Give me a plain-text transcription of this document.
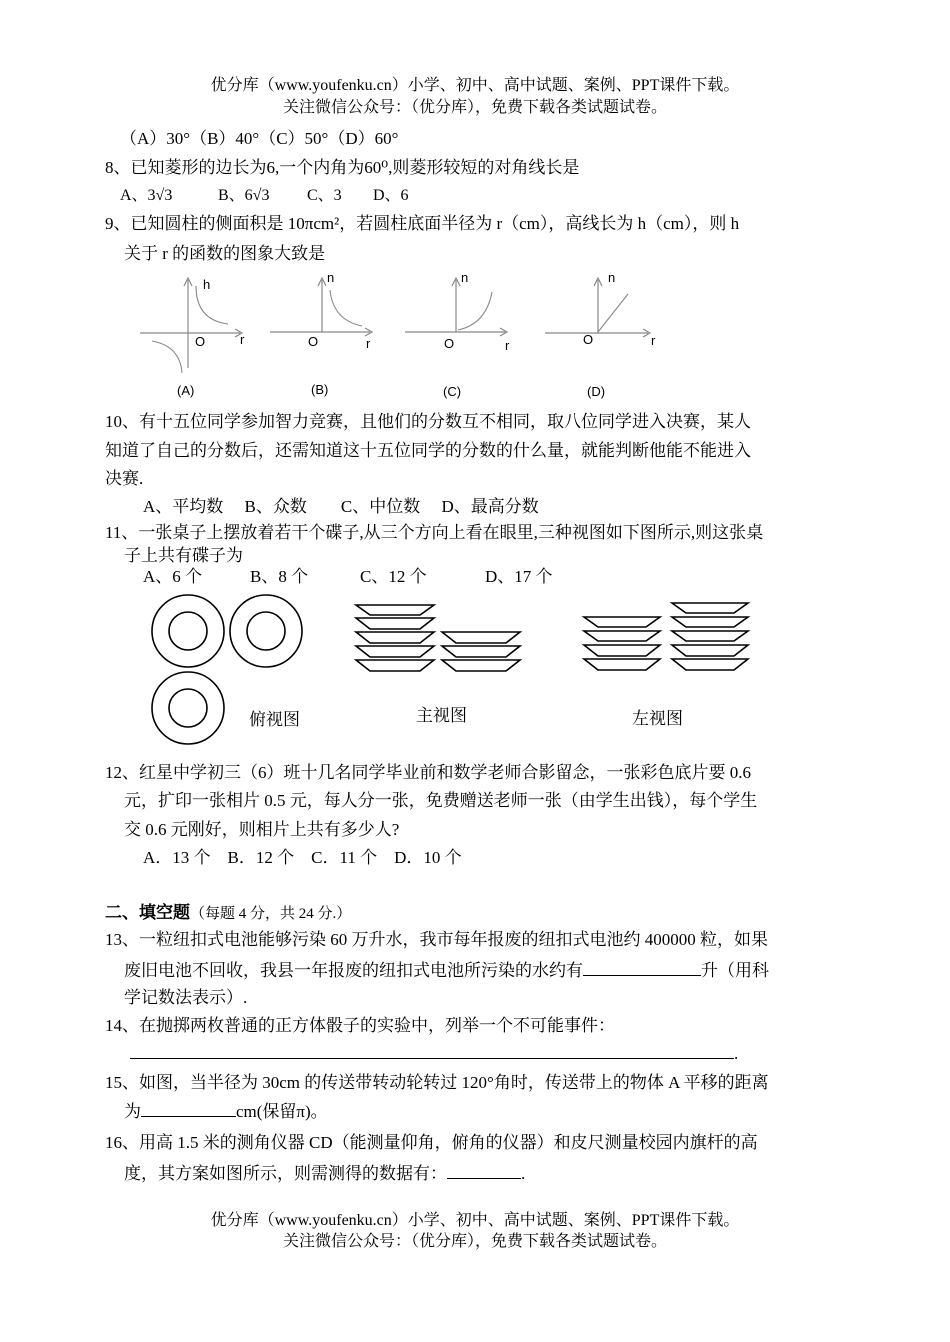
优分库（www.youfenku.cn）小学、初中、高中试题、案例、PPT课件下载。
关注微信公众号：（优分库），免费下载各类试题试卷。
（A）30°（B）40°（C）50°（D）60°
8、已知菱形的边长为6,一个内角为60⁰,则菱形较短的对角线长是
A、3√3	B、6√3 C、3 D、6
9、已知圆柱的侧面积是 10πcm²，若圆柱底面半径为 r（cm），高线长为 h（cm），则 h
关于 r 的函数的图象大致是
h
O	r
(A)
n
O	r
(B)
n
O	r
(C)
n
O	r
(D)
10、有十五位同学参加智力竞赛，且他们的分数互不相同，取八位同学进入决赛，某人
知道了自己的分数后，还需知道这十五位同学的分数的什么量，就能判断他能不能进入
决赛.
A、平均数　 B、众数　　C、中位数　 D、最高分数
11、一张桌子上摆放着若干个碟子,从三个方向上看在眼里,三种视图如下图所示,则这张桌
子上共有碟子为
A、6 个	B、8 个	C、12 个	D、17 个
俯视图	主视图	左视图
12、红星中学初三（6）班十几名同学毕业前和数学老师合影留念，一张彩色底片要 0.6
元，扩印一张相片 0.5 元，每人分一张，免费赠送老师一张（由学生出钱），每个学生
交 0.6 元刚好，则相片上共有多少人?
A．13 个　B．12 个　C．11 个　D．10 个
二、填空题（每题 4 分，共 24 分.）
13、一粒纽扣式电池能够污染 60 万升水，我市每年报废的纽扣式电池约 400000 粒，如果
废旧电池不回收，我县一年报废的纽扣式电池所污染的水约有	升（用科
学记数法表示）.
14、在抛掷两枚普通的正方体骰子的实验中，列举一个不可能事件：
.
15、如图，当半径为 30cm 的传送带转动轮转过 120°角时，传送带上的物体 A 平移的距离
为	cm(保留π)。
16、用高 1.5 米的测角仪器 CD（能测量仰角，俯角的仪器）和皮尺测量校园内旗杆的高
度，其方案如图所示，则需测得的数据有：	.
优分库（www.youfenku.cn）小学、初中、高中试题、案例、PPT课件下载。
关注微信公众号：（优分库），免费下载各类试题试卷。
